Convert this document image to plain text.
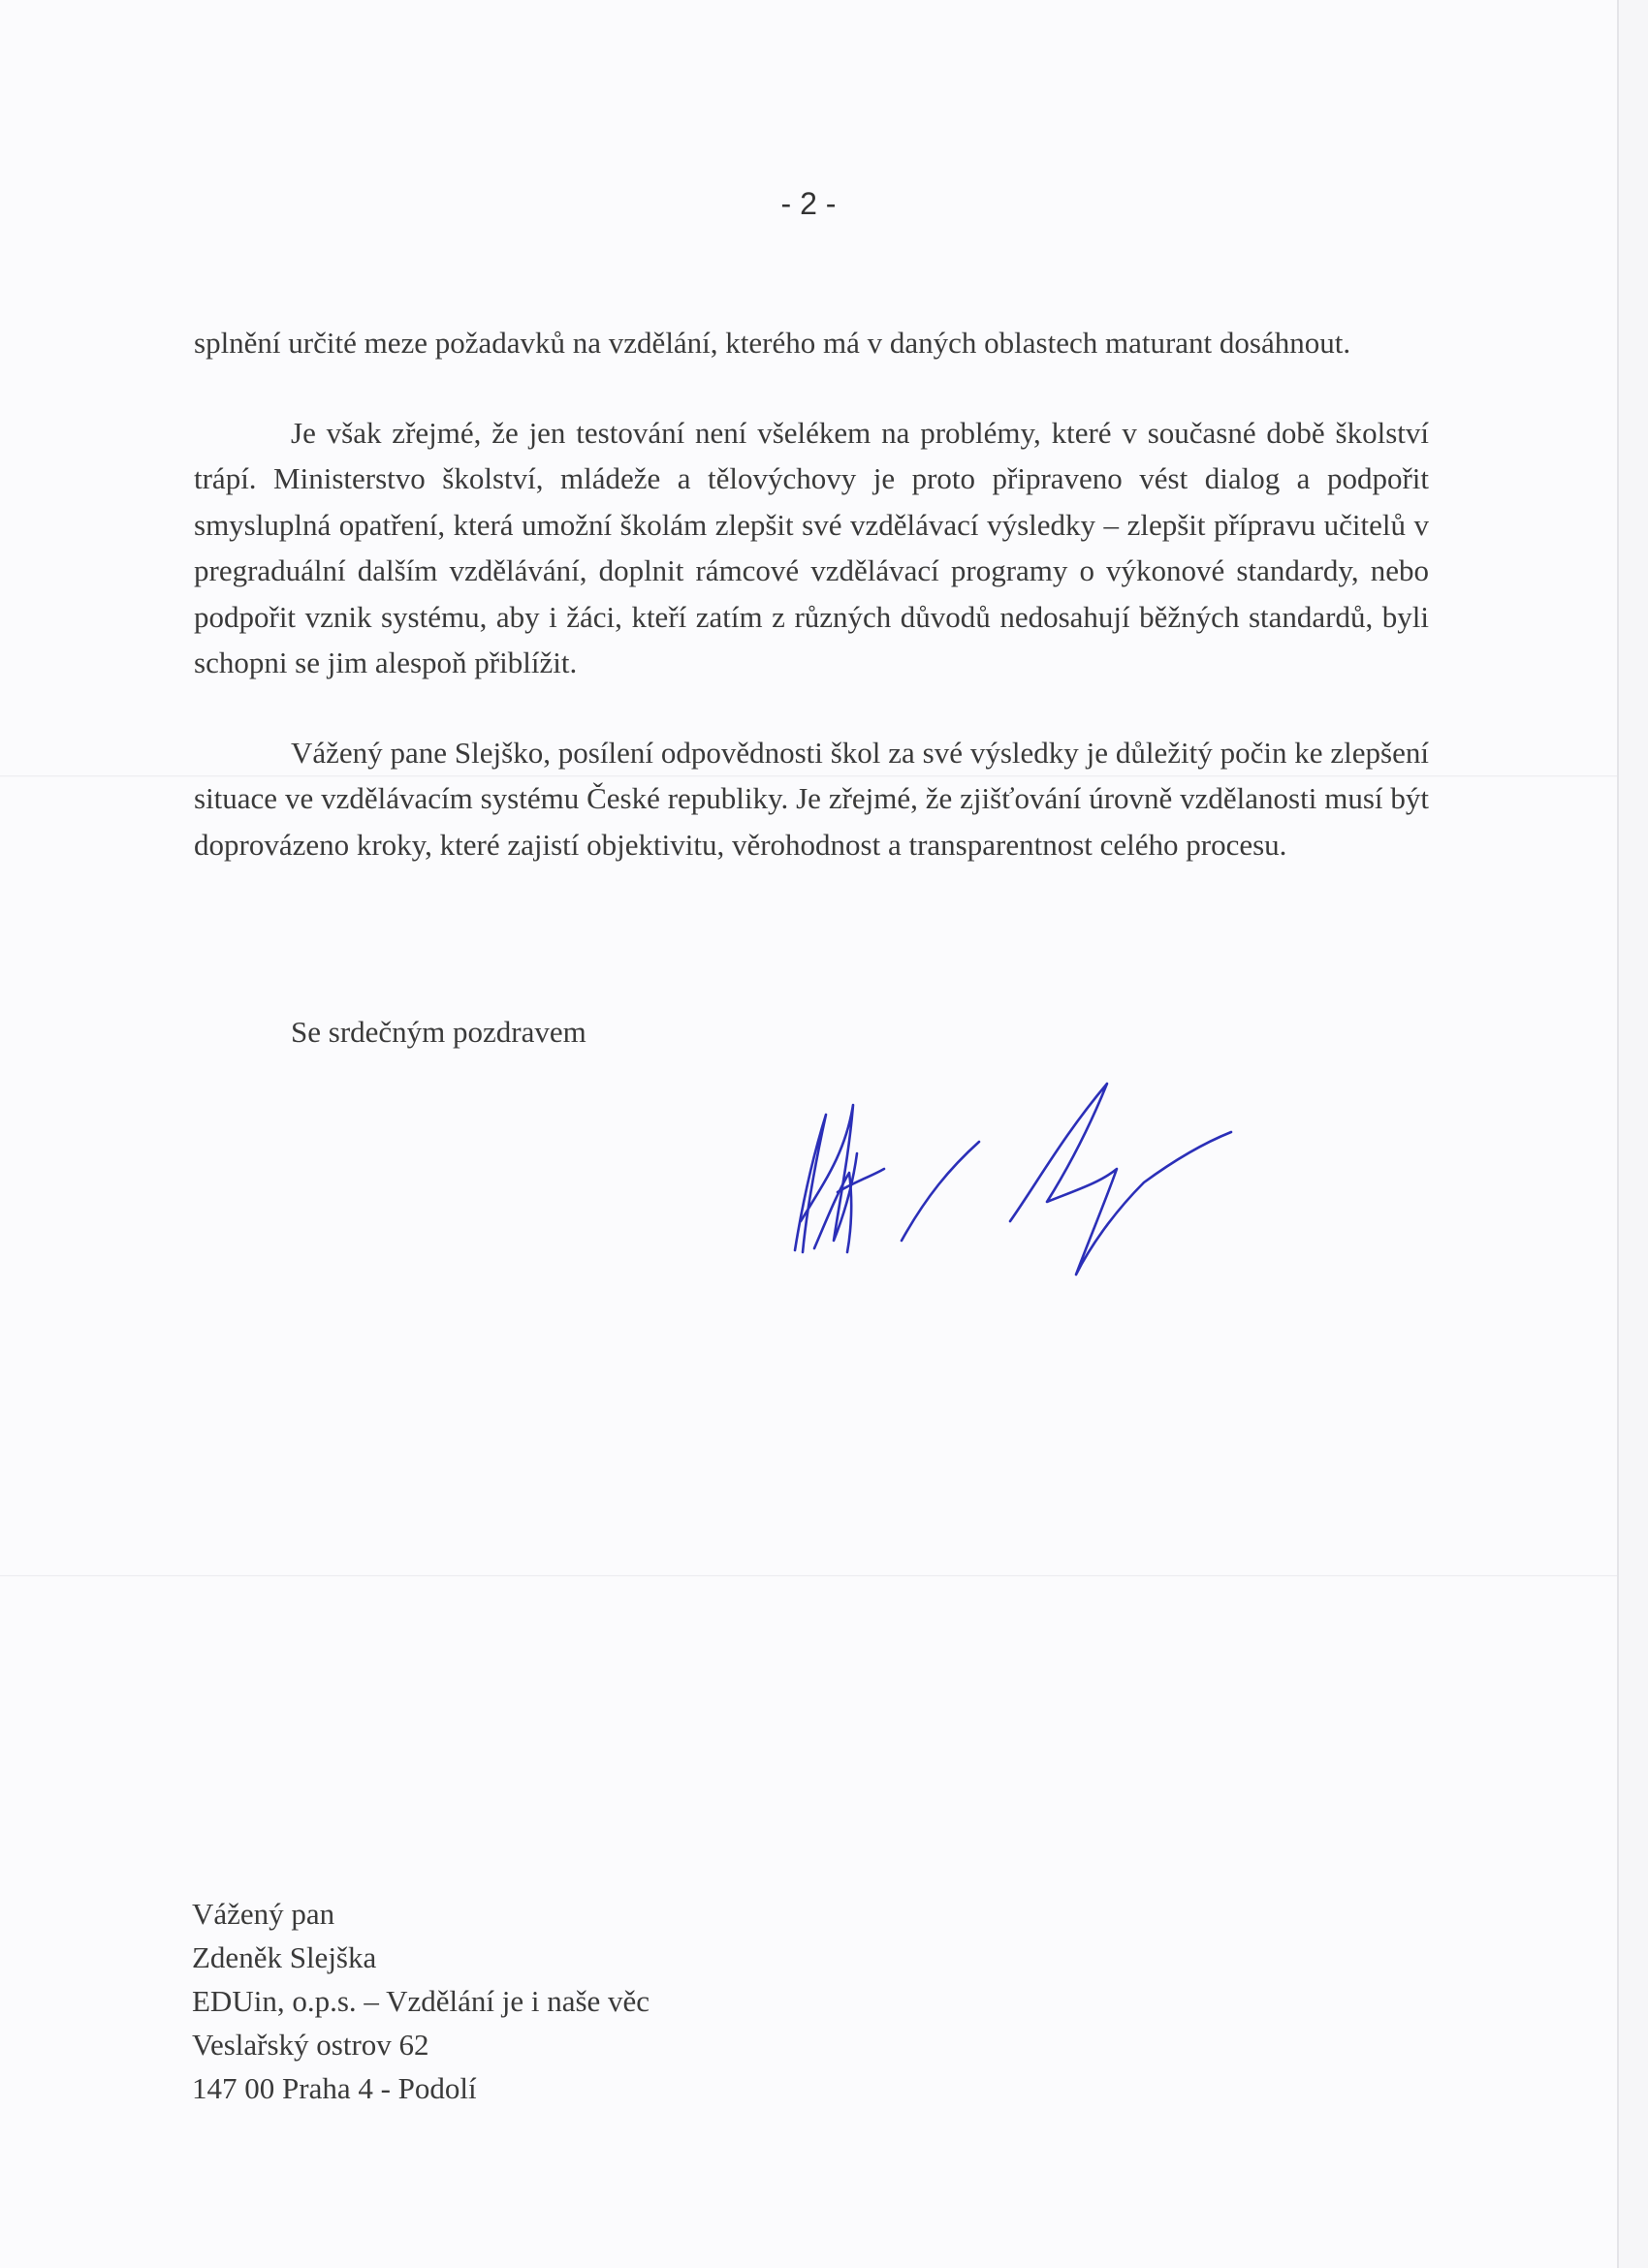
- 2 -

splnění určité meze požadavků na vzdělání, kterého má v daných oblastech maturant dosáhnout.

Je však zřejmé, že jen testování není všelékem na problémy, které v současné době školství trápí. Ministerstvo školství, mládeže a tělovýchovy je proto připraveno vést dialog a podpořit smysluplná opatření, která umožní školám zlepšit své vzdělávací výsledky – zlepšit přípravu učitelů v pregraduální dalším vzdělávání, doplnit rámcové vzdělávací programy o výkonové standardy, nebo podpořit vznik systému, aby i žáci, kteří zatím z různých důvodů nedosahují běžných standardů, byli schopni se jim alespoň přiblížit.

Vážený pane Slejško, posílení odpovědnosti škol za své výsledky je důležitý počin ke zlepšení situace ve vzdělávacím systému České republiky. Je zřejmé, že zjišťování úrovně vzdělanosti musí být doprovázeno kroky, které zajistí objektivitu, věrohodnost a transparentnost celého procesu.

Se srdečným pozdravem
Vážený pan
Zdeněk Slejška
EDUin, o.p.s. – Vzdělání je i naše věc
Veslařský ostrov 62
147 00 Praha 4 - Podolí
